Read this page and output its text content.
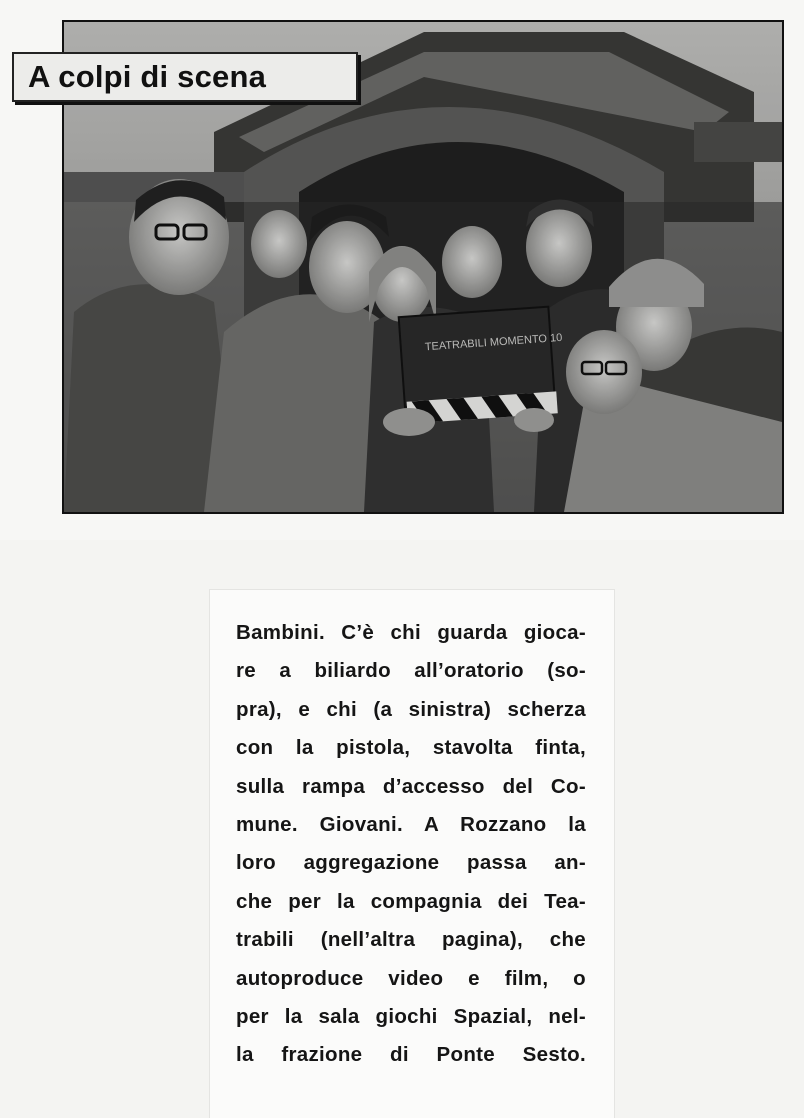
TEATRABILI MOMENTO 10
A colpi di scena
Bambini. C’è chi guarda gioca-
re a biliardo all’oratorio (so-
pra), e chi (a sinistra) scherza
con la pistola, stavolta finta,
sulla rampa d’accesso del Co-
mune. Giovani. A Rozzano la
loro aggregazione passa an-
che per la compagnia dei Tea-
trabili (nell’altra pagina), che
autoproduce video e film, o
per la sala giochi Spazial, nel-
la frazione di Ponte Sesto.
